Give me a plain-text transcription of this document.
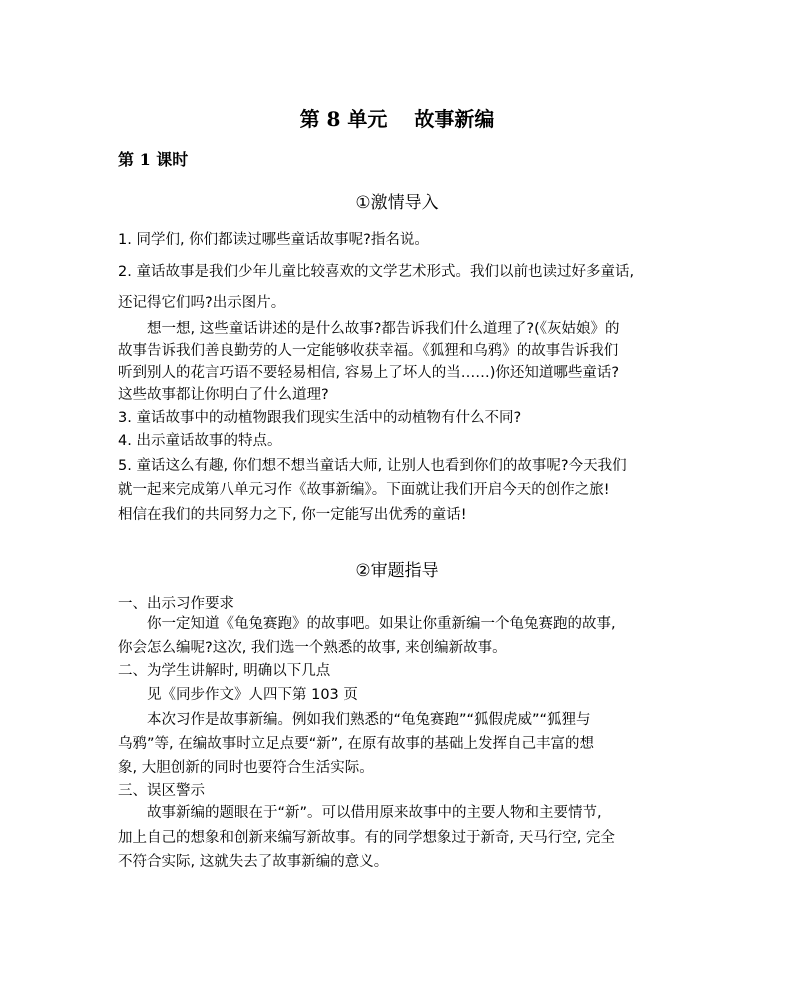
第 8 单元　 故事新编
第 1 课时
①激情导入
1. 同学们, 你们都读过哪些童话故事呢?指名说。
2. 童话故事是我们少年儿童比较喜欢的文学艺术形式。我们以前也读过好多童话,
还记得它们吗?出示图片。
　　想一想, 这些童话讲述的是什么故事?都告诉我们什么道理了?(《灰姑娘》的
故事告诉我们善良勤劳的人一定能够收获幸福。《狐狸和乌鸦》的故事告诉我们
听到别人的花言巧语不要轻易相信, 容易上了坏人的当……)你还知道哪些童话?
这些故事都让你明白了什么道理?
3. 童话故事中的动植物跟我们现实生活中的动植物有什么不同?
4. 出示童话故事的特点。
5. 童话这么有趣, 你们想不想当童话大师, 让别人也看到你们的故事呢?今天我们
就一起来完成第八单元习作《故事新编》。下面就让我们开启今天的创作之旅!
相信在我们的共同努力之下, 你一定能写出优秀的童话!
②审题指导
一、出示习作要求
　　你一定知道《龟兔赛跑》的故事吧。如果让你重新编一个龟兔赛跑的故事,
你会怎么编呢?这次, 我们选一个熟悉的故事, 来创编新故事。
二、为学生讲解时, 明确以下几点
　　见《同步作文》人四下第 103 页
　　本次习作是故事新编。例如我们熟悉的“龟兔赛跑”“狐假虎威”“狐狸与
乌鸦”等, 在编故事时立足点要“新”, 在原有故事的基础上发挥自己丰富的想
象, 大胆创新的同时也要符合生活实际。
三、误区警示
　　故事新编的题眼在于“新”。可以借用原来故事中的主要人物和主要情节,
加上自己的想象和创新来编写新故事。有的同学想象过于新奇, 天马行空, 完全
不符合实际, 这就失去了故事新编的意义。
